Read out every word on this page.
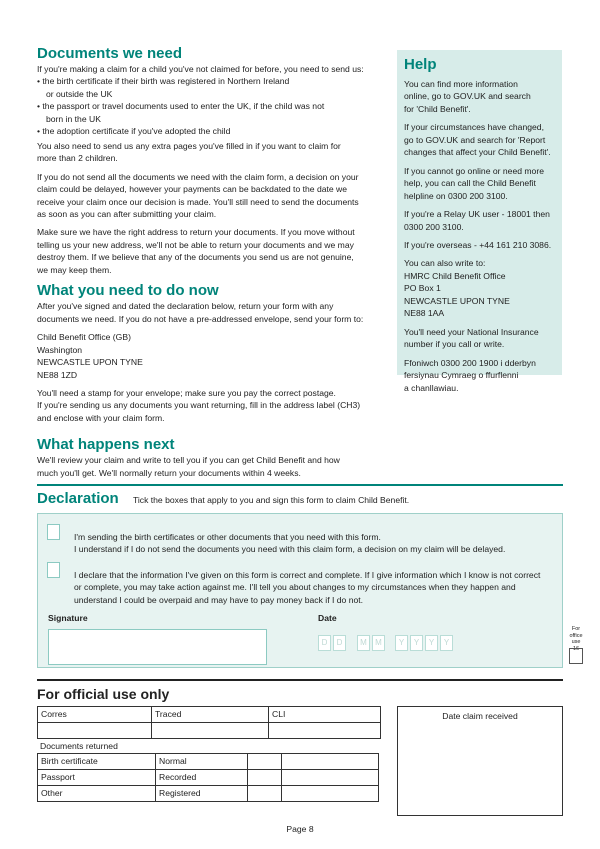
Documents we need

If you're making a claim for a child you've not claimed for before, you need to send us:

• the birth certificate if their birth was registered in Northern Ireland
or outside the UK
• the passport or travel documents used to enter the UK, if the child was not
born in the UK
• the adoption certificate if you've adopted the child

You also need to send us any extra pages you've filled in if you want to claim for
more than 2 children.

If you do not send all the documents we need with the claim form, a decision on your
claim could be delayed, however your payments can be backdated to the date we
receive your claim once our decision is made. You'll still need to send the documents
as soon as you can after submitting your claim.

Make sure we have the right address to return your documents. If you move without
telling us your new address, we'll not be able to return your documents and we may
destroy them. If we believe that any of the documents you send us are not genuine,
we may keep them.

What you need to do now

After you've signed and dated the declaration below, return your form with any
documents we need. If you do not have a pre-addressed envelope, send your form to:

Child Benefit Office (GB)
Washington
NEWCASTLE UPON TYNE
NE88 1ZD

You'll need a stamp for your envelope; make sure you pay the correct postage.
If you're sending us any documents you want returning, fill in the address label (CH3)
and enclose with your claim form.

What happens next

We'll review your claim and write to tell you if you can get Child Benefit and how
much you'll get. We'll normally return your documents within 4 weeks.

Help

You can find more information
online, go to GOV.UK and search
for 'Child Benefit'.

If your circumstances have changed,
go to GOV.UK and search for 'Report
changes that affect your Child Benefit'.

If you cannot go online or need more
help, you can call the Child Benefit
helpline on 0300 200 3100.

If you're a Relay UK user - 18001 then
0300 200 3100.

If you're overseas - +44 161 210 3086.

You can also write to:
HMRC Child Benefit Office
PO Box 1
NEWCASTLE UPON TYNE
NE88 1AA

You'll need your National Insurance
number if you call or write.

Ffoniwch 0300 200 1900 i dderbyn
fersiynau Cymraeg o ffurflenni
a chanllawiau.

Declaration Tick the boxes that apply to you and sign this form to claim Child Benefit.
I'm sending the birth certificates or other documents that you need with this form.
I understand if I do not send the documents you need with this claim form, a decision on my claim will be delayed.
I declare that the information I've given on this form is correct and complete. If I give information which I know is not correct
or complete, you may take action against me. I'll tell you about changes to my circumstances when they happen and
understand I could be overpaid and may have to pay money back if I do not.
Signature	Date
D	D	M	M	Y	Y	Y	Y
For
office
use 16
For official use only
Corres	Traced	CLI

Documents returned
Birth certificate	Normal		
Passport	Recorded		
Other	Registered		
Date claim received
Page 8
